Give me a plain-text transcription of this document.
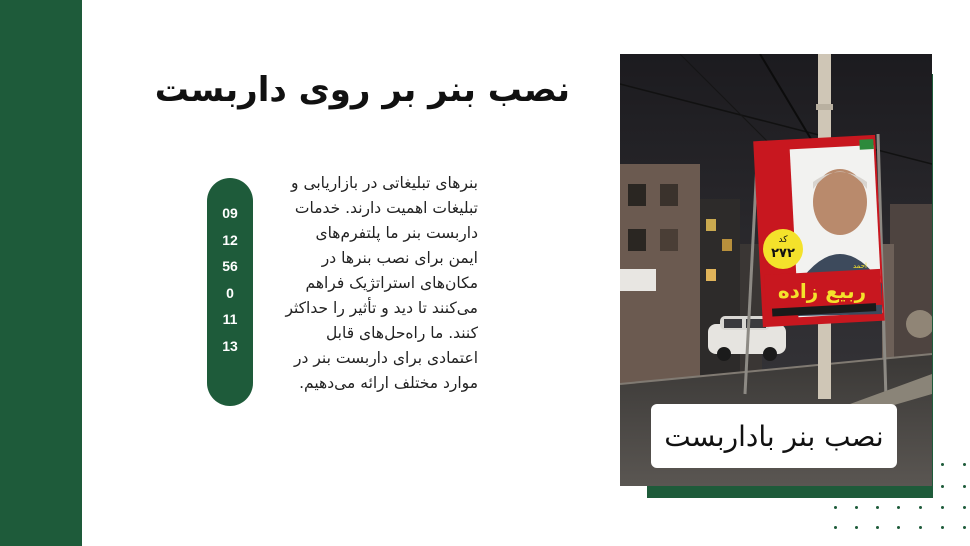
نصب بنر بر روی داربست
09
12
56
0
11
13
بنرهای تبلیغاتی در بازاریابی و تبلیغات اهمیت دارند. خدمات داربست بنر ما پلتفرم‌های ایمن برای نصب بنرها در مکان‌های استراتژیک فراهم می‌کنند تا دید و تأثیر را حداکثر کنند. ما راه‌حل‌های قابل اعتمادی برای داربست بنر در موارد مختلف ارائه می‌دهیم.
کد
۲۷۲
احمد
ربیع زاده
نصب بنر باداربست
